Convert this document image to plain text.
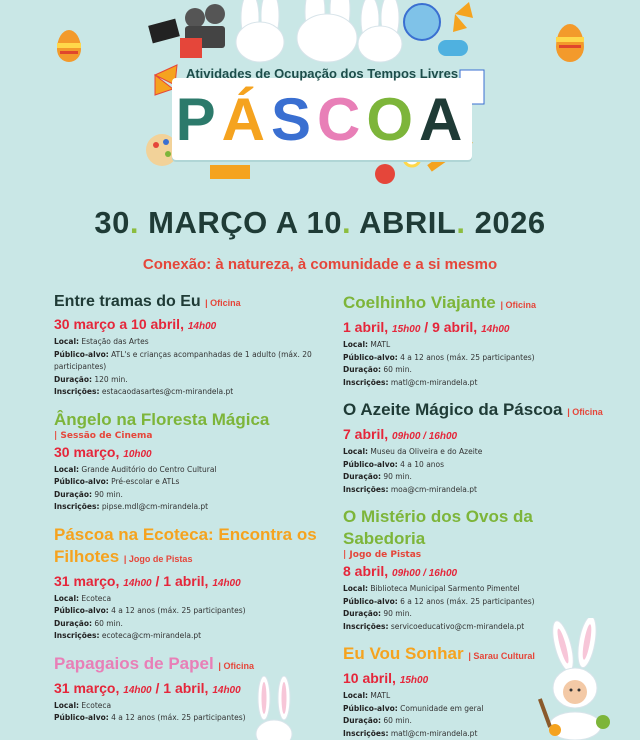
Atividades de Ocupação dos Tempos Livres
PÁSCOA
30. MARÇO A 10. ABRIL. 2026
Conexão: à natureza, à comunidade e a si mesmo
Entre tramas do Eu | Oficina
30 março a 10 abril, 14h00
Local: Estação das Artes
Público-alvo: ATL's e crianças acompanhadas de 1 adulto (máx. 20 participantes)
Duração: 120 min.
Inscrições: estacaodasartes@cm-mirandela.pt
Ângelo na Floresta Mágica
| Sessão de Cinema
30 março, 10h00
Local: Grande Auditório do Centro Cultural
Público-alvo: Pré-escolar e ATLs
Duração: 90 min.
Inscrições: pipse.mdl@cm-mirandela.pt
Páscoa na Ecoteca: Encontra os Filhotes | Jogo de Pistas
31 março, 14h00 / 1 abril, 14h00
Local: Ecoteca
Público-alvo: 4 a 12 anos (máx. 25 participantes)
Duração: 60 min.
Inscrições: ecoteca@cm-mirandela.pt
Papagaios de Papel | Oficina
31 março, 14h00 / 1 abril, 14h00
Local: Ecoteca
Público-alvo: 4 a 12 anos (máx. 25 participantes)
Coelhinho Viajante | Oficina
1 abril, 15h00 / 9 abril, 14h00
Local: MATL
Público-alvo: 4 a 12 anos (máx. 25 participantes)
Duração: 60 min.
Inscrições: matl@cm-mirandela.pt
O Azeite Mágico da Páscoa | Oficina
7 abril, 09h00 / 16h00
Local: Museu da Oliveira e do Azeite
Público-alvo: 4 a 10 anos
Duração: 90 min.
Inscrições: moa@cm-mirandela.pt
O Mistério dos Ovos da Sabedoria
| Jogo de Pistas
8 abril, 09h00 / 16h00
Local: Biblioteca Municipal Sarmento Pimentel
Público-alvo: 6 a 12 anos (máx. 25 participantes)
Duração: 90 min.
Inscrições: servicoeducativo@cm-mirandela.pt
Eu Vou Sonhar | Sarau Cultural
10 abril, 15h00
Local: MATL
Público-alvo: Comunidade em geral
Duração: 60 min.
Inscrições: matl@cm-mirandela.pt
